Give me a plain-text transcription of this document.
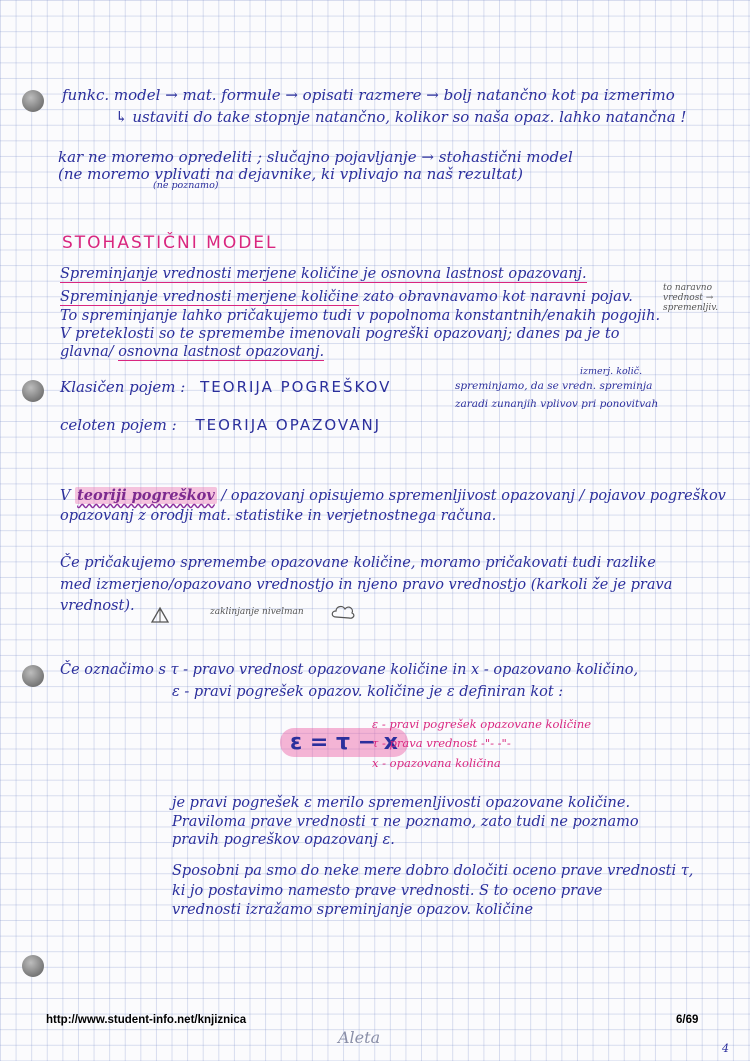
funkc. model → mat. formule → opisati razmere → bolj natančno kot pa izmerimo
↳ ustaviti do take stopnje natančno, kolikor so naša opaz. lahko natančna !
kar ne moremo opredeliti ; slučajno pojavljanje → stohastični model
(ne moremo vplivati na dejavnike, ki vplivajo na naš rezultat)
(ne poznamo)
STOHASTIČNI MODEL
Spreminjanje vrednosti merjene količine je osnovna lastnost opazovanj.
Spreminjanje vrednosti merjene količine zato obravnavamo kot naravni pojav.
To spreminjanje lahko pričakujemo tudi v popolnoma konstantnih/enakih pogojih.
V preteklosti so te spremembe imenovali pogreški opazovanj; danes pa je to
glavna/ osnovna lastnost opazovanj.
to naravno vrednost → spremenljiv.
Klasičen pojem : TEORIJA POGREŠKOV
celoten pojem : TEORIJA OPAZOVANJ
izmerj. količ.
spreminjamo, da se vredn. spreminja
zaradi zunanjih vplivov pri ponovitvah
V teoriji pogreškov / opazovanj opisujemo spremenljivost opazovanj / pojavov pogreškov
opazovanj z orodji mat. statistike in verjetnostnega računa.
Če pričakujemo spremembe opazovane količine, moramo pričakovati tudi razlike
med izmerjeno/opazovano vrednostjo in njeno pravo vrednostjo (karkoli že je prava
vrednost).	zaklinjanje nivelman
Če označimo s τ - pravo vrednost opazovane količine in x - opazovano količino,
ε - pravi pogrešek opazov. količine je ε definiran kot :
ε = τ − x
ε - pravi pogrešek opazovane količine
τ - prava vrednost -"- -"-
x - opazovana količina
je pravi pogrešek ε merilo spremenljivosti opazovane količine.
Praviloma prave vrednosti τ ne poznamo, zato tudi ne poznamo
pravih pogreškov opazovanj ε.
Sposobni pa smo do neke mere dobro določiti oceno prave vrednosti τ,
ki jo postavimo namesto prave vrednosti. S to oceno prave
vrednosti izražamo spreminjanje opazov. količine
http://www.student-info.net/knjiznica	6/69
Aleta
4
